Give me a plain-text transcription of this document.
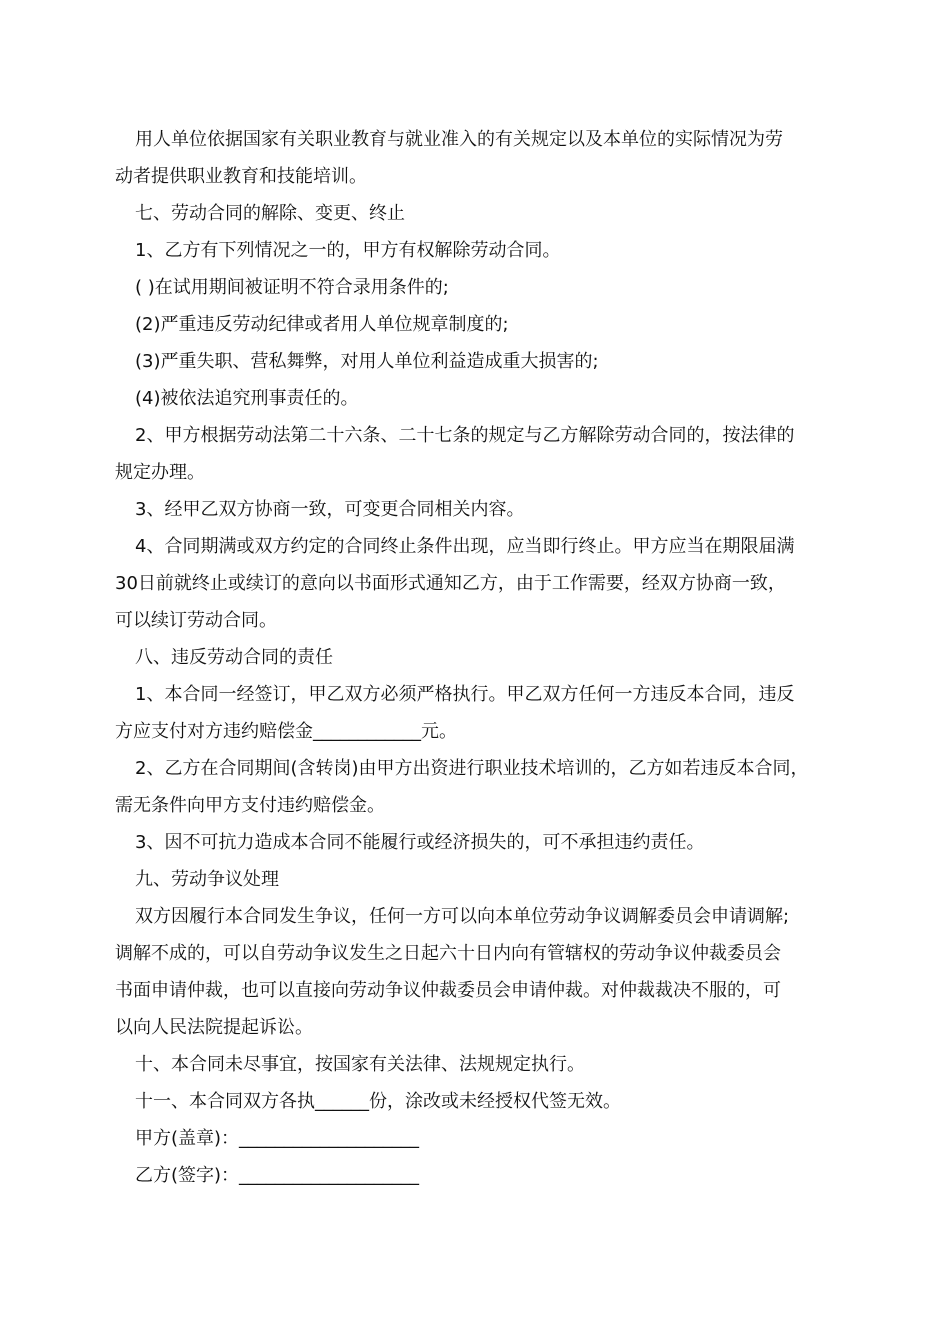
用人单位依据国家有关职业教育与就业准入的有关规定以及本单位的实际情况为劳

动者提供职业教育和技能培训。

七、劳动合同的解除、变更、终止

1、乙方有下列情况之一的，甲方有权解除劳动合同。

( )在试用期间被证明不符合录用条件的;

(2)严重违反劳动纪律或者用人单位规章制度的;

(3)严重失职、营私舞弊，对用人单位利益造成重大损害的;

(4)被依法追究刑事责任的。

2、甲方根据劳动法第二十六条、二十七条的规定与乙方解除劳动合同的，按法律的

规定办理。

3、经甲乙双方协商一致，可变更合同相关内容。

4、合同期满或双方约定的合同终止条件出现，应当即行终止。甲方应当在期限届满

30日前就终止或续订的意向以书面形式通知乙方，由于工作需要，经双方协商一致，

可以续订劳动合同。

八、违反劳动合同的责任

1、本合同一经签订，甲乙双方必须严格执行。甲乙双方任何一方违反本合同，违反

方应支付对方违约赔偿金____________元。

2、乙方在合同期间(含转岗)由甲方出资进行职业技术培训的，乙方如若违反本合同，

需无条件向甲方支付违约赔偿金。

3、因不可抗力造成本合同不能履行或经济损失的，可不承担违约责任。

九、劳动争议处理

双方因履行本合同发生争议，任何一方可以向本单位劳动争议调解委员会申请调解;

调解不成的，可以自劳动争议发生之日起六十日内向有管辖权的劳动争议仲裁委员会

书面申请仲裁，也可以直接向劳动争议仲裁委员会申请仲裁。对仲裁裁决不服的，可

以向人民法院提起诉讼。

十、本合同未尽事宜，按国家有关法律、法规规定执行。

十一、本合同双方各执______份，涂改或未经授权代签无效。

甲方(盖章)：____________________

乙方(签字)：____________________
